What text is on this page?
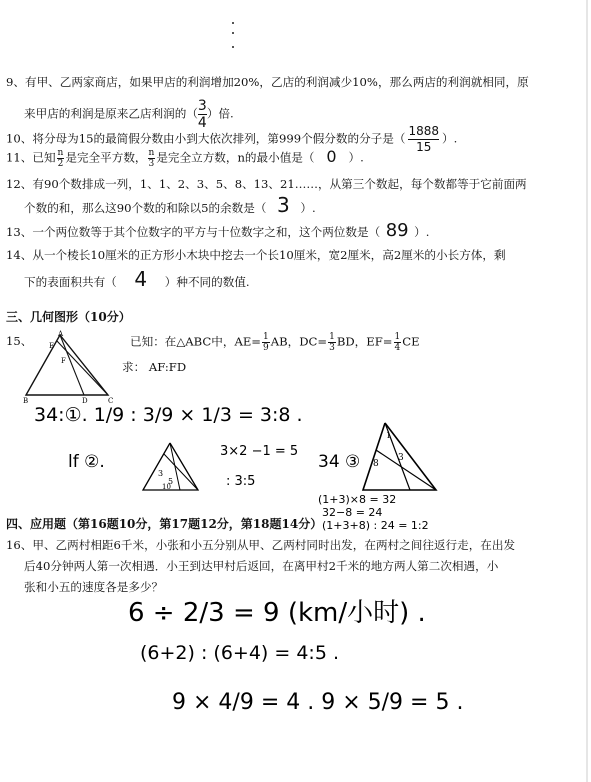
9、有甲、乙两家商店，如果甲店的利润增加20%，乙店的利润减少10%，那么两店的利润就相同，原
来甲店的利润是原来乙店利润的（ $\frac{3}{4}$ ）倍.
10、将分母为15的最简假分数由小到大依次排列，第999个假分数的分子是（ $\frac{1888}{15}$ ）.
11、已知 $\frac{n}{2}$ 是完全平方数， $\frac{n}{3}$ 是完全立方数，n的最小值是（ 0 ）.
12、有90个数排成一列，1、1、2、3、5、8、13、21……，从第三个数起，每个数都等于它前面两
个数的和，那么这90个数的和除以5的余数是（ 3 ）.
13、一个两位数等于其个位数字的平方与十位数字之和，这个两位数是（ 89 ）.
14、从一个棱长10厘米的正方形小木块中挖去一个长10厘米，宽2厘米，高2厘米的小长方体，剩
下的表面积共有（ 4 ）种不同的数值.
三、几何图形（10分）
15、	A
E
F
B	D	C
已知：在△ABC中，$AE= \frac{1}{9}$ AB，$DC= \frac{1}{3}$ BD，$EF= \frac{1}{4}$ CE
求： AF:FD
34:①. 1/9 : 3/9 × 1/3 = 3:8 .
lf ②.
3
5
10
3×2 −1 = 5
: 3:5
34 ③
1
8
3
(1+3)×8 = 32
32−8 = 24
(1+3+8) : 24 = 1:2
四、应用题（第16题10分，第17题12分，第18题14分）
16、甲、乙两村相距6千米，小张和小五分别从甲、乙两村同时出发，在两村之间往返行走，在出发
后40分钟两人第一次相遇．小王到达甲村后返回，在离甲村2千米的地方两人第二次相遇，小
张和小五的速度各是多少？
6 ÷ 2/3 = 9 (km/小时) .
(6+2) : (6+4) = 4:5 .
9 × 4/9 = 4 . 9 × 5/9 = 5 .
